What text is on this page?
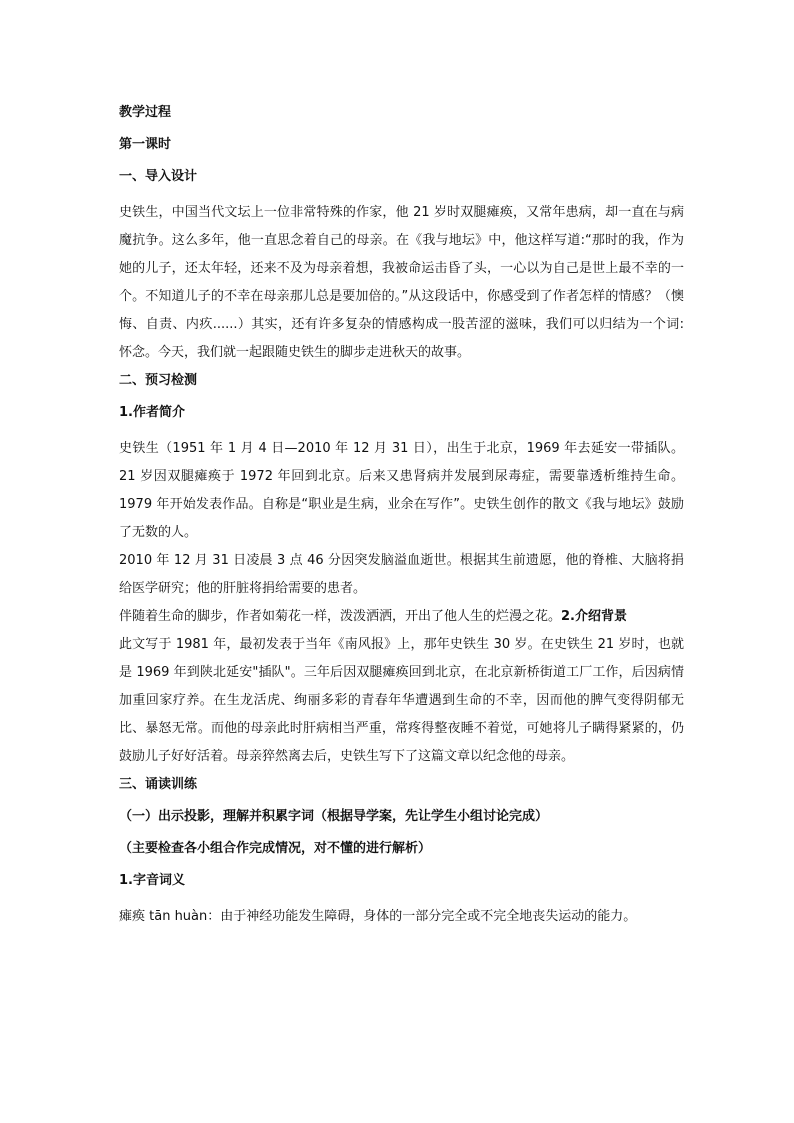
教学过程
第一课时
一、导入设计

史铁生，中国当代文坛上一位非常特殊的作家，他 21 岁时双腿瘫痪，又常年患病，却一直在与病魔抗争。这么多年，他一直思念着自己的母亲。在《我与地坛》中，他这样写道:“那时的我，作为她的儿子，还太年轻，还来不及为母亲着想，我被命运击昏了头，一心以为自己是世上最不幸的一个。不知道儿子的不幸在母亲那儿总是要加倍的。”从这段话中，你感受到了作者怎样的情感？（懊悔、自责、内疚......）其实，还有许多复杂的情感构成一股苦涩的滋味，我们可以归结为一个词: 怀念。今天，我们就一起跟随史铁生的脚步走进秋天的故事。

二、预习检测
1.作者简介

史铁生（1951 年 1 月 4 日—2010 年 12 月 31 日），出生于北京，1969 年去延安一带插队。21 岁因双腿瘫痪于 1972 年回到北京。后来又患肾病并发展到尿毒症，需要靠透析维持生命。1979 年开始发表作品。自称是“职业是生病，业余在写作”。史铁生创作的散文《我与地坛》鼓励了无数的人。

2010 年 12 月 31 日凌晨 3 点 46 分因突发脑溢血逝世。根据其生前遗愿，他的脊椎、大脑将捐给医学研究；他的肝脏将捐给需要的患者。

伴随着生命的脚步，作者如菊花一样，泼泼洒洒，开出了他人生的烂漫之花。2.介绍背景

此文写于 1981 年，最初发表于当年《南风报》上，那年史铁生 30 岁。在史铁生 21 岁时，也就是 1969 年到陕北延安"插队"。三年后因双腿瘫痪回到北京，在北京新桥街道工厂工作，后因病情加重回家疗养。在生龙活虎、绚丽多彩的青春年华遭遇到生命的不幸，因而他的脾气变得阴郁无比、暴怒无常。而他的母亲此时肝病相当严重，常疼得整夜睡不着觉，可她将儿子瞒得紧紧的，仍鼓励儿子好好活着。母亲猝然离去后，史铁生写下了这篇文章以纪念他的母亲。

三、诵读训练
（一）出示投影，理解并积累字词（根据导学案，先让学生小组讨论完成）
（主要检查各小组合作完成情况，对不懂的进行解析）
1.字音词义

瘫痪 tān huàn：由于神经功能发生障碍，身体的一部分完全或不完全地丧失运动的能力。
